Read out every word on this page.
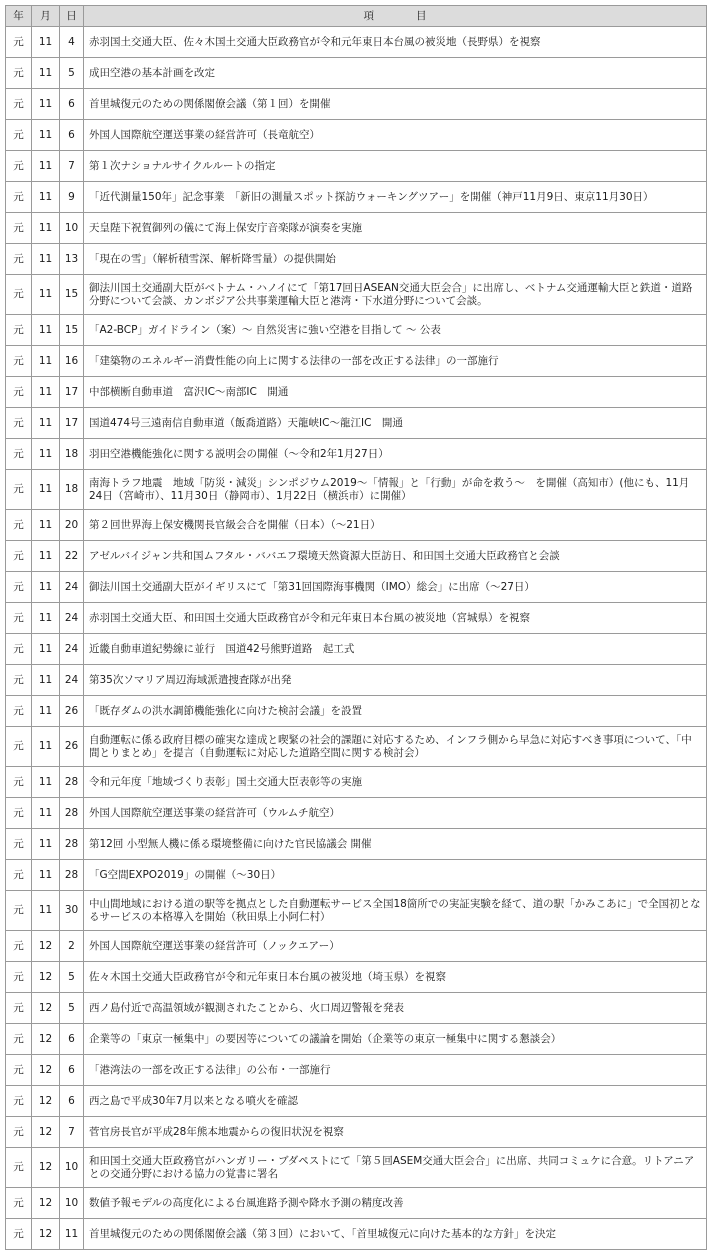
年	月	日	項　　　　目
元	11	4	赤羽国土交通大臣、佐々木国土交通大臣政務官が令和元年東日本台風の被災地（長野県）を視察
元	11	5	成田空港の基本計画を改定
元	11	6	首里城復元のための関係閣僚会議（第１回）を開催
元	11	6	外国人国際航空運送事業の経営許可（長竜航空）
元	11	7	第１次ナショナルサイクルルートの指定
元	11	9	「近代測量150年」記念事業　「新旧の測量スポット探訪ウォーキングツアー」を開催（神戸11月9日、東京11月30日）
元	11	10	天皇陛下祝賀御列の儀にて海上保安庁音楽隊が演奏を実施
元	11	13	「現在の雪」（解析積雪深、解析降雪量）の提供開始
元	11	15	御法川国土交通副大臣がベトナム・ハノイにて「第17回日ASEAN交通大臣会合」に出席し、ベトナム交通運輸大臣と鉄道・道路分野について会談、カンボジア公共事業運輸大臣と港湾・下水道分野について会談。
元	11	15	「A2-BCP」ガイドライン（案）〜 自然災害に強い空港を目指して 〜 公表
元	11	16	「建築物のエネルギー消費性能の向上に関する法律の一部を改正する法律」の一部施行
元	11	17	中部横断自動車道　富沢IC〜南部IC　開通
元	11	17	国道474号三遠南信自動車道（飯喬道路）天龍峡IC〜龍江IC　開通
元	11	18	羽田空港機能強化に関する説明会の開催（〜令和2年1月27日）
元	11	18	南海トラフ地震　地域「防災・減災」シンポジウム2019〜「情報」と「行動」が命を救う〜　を開催（高知市）(他にも、11月24日（宮崎市）、11月30日（静岡市）、1月22日（横浜市）に開催）
元	11	20	第２回世界海上保安機関長官級会合を開催（日本）（〜21日）
元	11	22	アゼルバイジャン共和国ムフタル・ババエフ環境天然資源大臣訪日、和田国土交通大臣政務官と会談
元	11	24	御法川国土交通副大臣がイギリスにて「第31回国際海事機関（IMO）総会」に出席（〜27日）
元	11	24	赤羽国土交通大臣、和田国土交通大臣政務官が令和元年東日本台風の被災地（宮城県）を視察
元	11	24	近畿自動車道紀勢線に並行　国道42号熊野道路　起工式
元	11	24	第35次ソマリア周辺海域派遣捜査隊が出発
元	11	26	「既存ダムの洪水調節機能強化に向けた検討会議」を設置
元	11	26	自動運転に係る政府目標の確実な達成と喫緊の社会的課題に対応するため、インフラ側から早急に対応すべき事項について、「中間とりまとめ」を提言（自動運転に対応した道路空間に関する検討会）
元	11	28	令和元年度「地域づくり表彰」国土交通大臣表彰等の実施
元	11	28	外国人国際航空運送事業の経営許可（ウルムチ航空）
元	11	28	第12回 小型無人機に係る環境整備に向けた官民協議会 開催
元	11	28	「G空間EXPO2019」の開催（〜30日）
元	11	30	中山間地域における道の駅等を拠点とした自動運転サービス全国18箇所での実証実験を経て、道の駅「かみこあに」で全国初となるサービスの本格導入を開始（秋田県上小阿仁村）
元	12	2	外国人国際航空運送事業の経営許可（ノックエアー）
元	12	5	佐々木国土交通大臣政務官が令和元年東日本台風の被災地（埼玉県）を視察
元	12	5	西ノ島付近で高温領域が観測されたことから、火口周辺警報を発表
元	12	6	企業等の「東京一極集中」の要因等についての議論を開始（企業等の東京一極集中に関する懇談会）
元	12	6	「港湾法の一部を改正する法律」の公布・一部施行
元	12	6	西之島で平成30年7月以来となる噴火を確認
元	12	7	菅官房長官が平成28年熊本地震からの復旧状況を視察
元	12	10	和田国土交通大臣政務官がハンガリー・ブダペストにて「第５回ASEM交通大臣会合」に出席、共同コミュケに合意。リトアニアとの交通分野における協力の覚書に署名
元	12	10	数値予報モデルの高度化による台風進路予測や降水予測の精度改善
元	12	11	首里城復元のための関係閣僚会議（第３回）において、「首里城復元に向けた基本的な方針」を決定
